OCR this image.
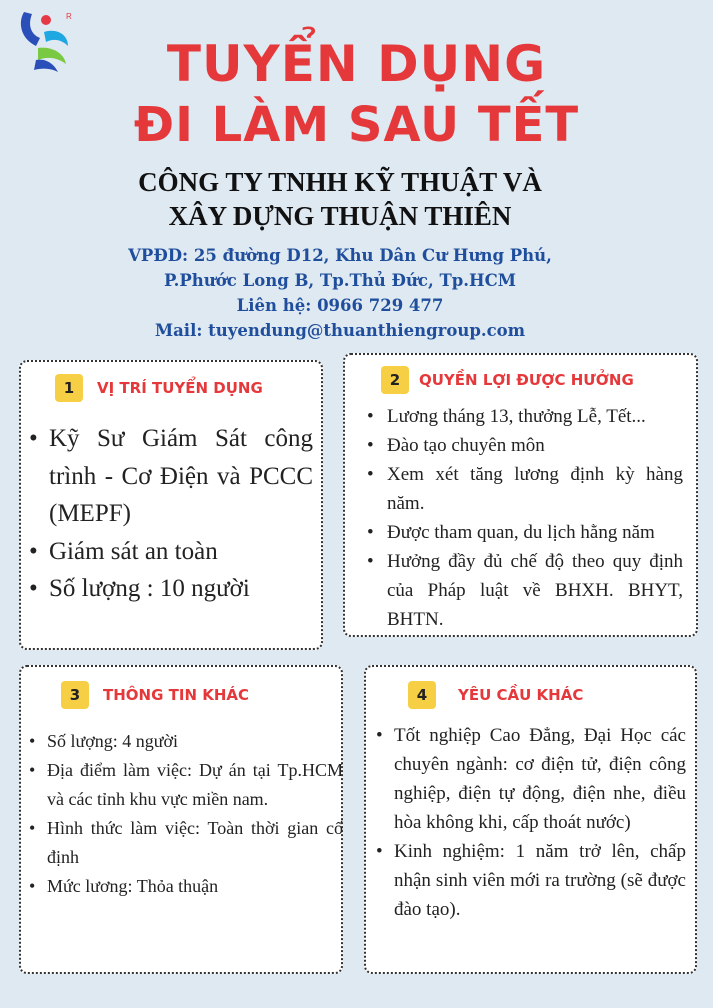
R
TUYỂN DỤNG
ĐI LÀM SAU TẾT

CÔNG TY TNHH KỸ THUẬT VÀ

XÂY DỰNG THUẬN THIÊN

VPĐD: 25 đường D12, Khu Dân Cư Hưng Phú,

P.Phước Long B, Tp.Thủ Đức, Tp.HCM

Liên hệ: 0966 729 477

Mail: tuyendung@thuanthiengroup.com

1	VỊ TRÍ TUYỂN DỤNG
• Kỹ Sư Giám Sát công trình - Cơ Điện và PCCC (MEPF)
• Giám sát an toàn
• Số lượng : 10 người
2	QUYỀN LỢI ĐƯỢC HƯỞNG
• Lương tháng 13, thưởng Lễ, Tết...
• Đào tạo chuyên môn
• Xem xét tăng lương định kỳ hàng năm.
• Được tham quan, du lịch hằng năm
• Hưởng đầy đủ chế độ theo quy định của Pháp luật về BHXH. BHYT, BHTN.
3	THÔNG TIN KHÁC
• Số lượng: 4 người
• Địa điểm làm việc: Dự án tại Tp.HCM và các tỉnh khu vực miền nam.
• Hình thức làm việc: Toàn thời gian cố định
• Mức lương: Thỏa thuận
4	YÊU CẦU KHÁC
• Tốt nghiệp Cao Đẳng, Đại Học các chuyên ngành: cơ điện tử, điện công nghiệp, điện tự động, điện nhe, điều hòa không khi, cấp thoát nước)
• Kinh nghiệm: 1 năm trở lên, chấp nhận sinh viên mới ra trường (sẽ được đào tạo).
